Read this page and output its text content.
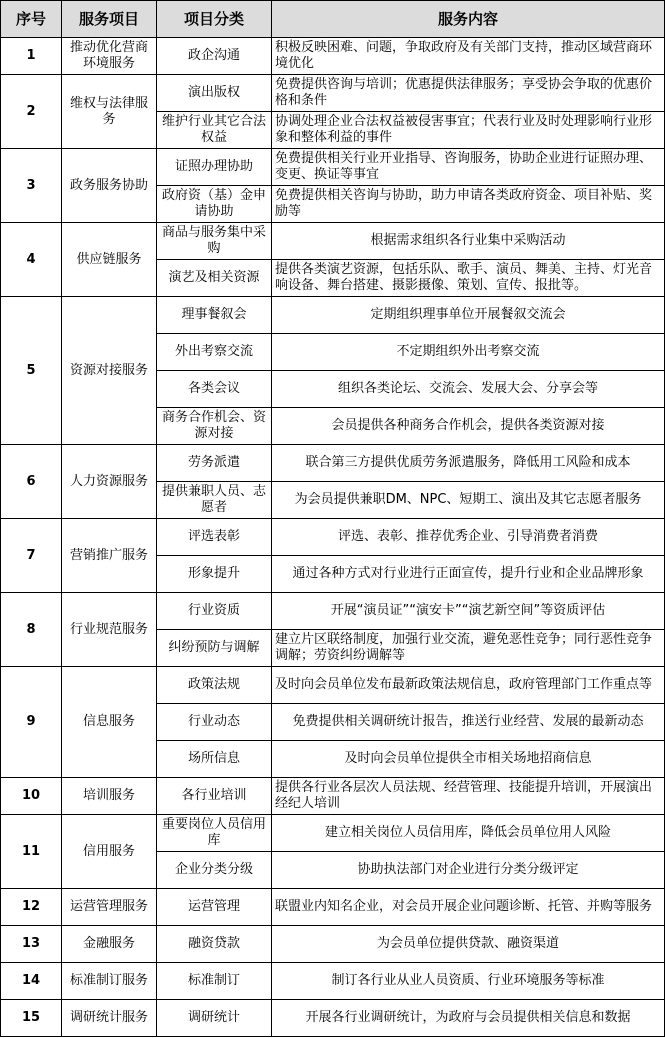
序号	服务项目	项目分类	服务内容
1	推动优化营商环境服务	政企沟通	积极反映困难、问题，争取政府及有关部门支持，推动区域营商环境优化
2	维权与法律服务	演出版权	免费提供咨询与培训；优惠提供法律服务；享受协会争取的优惠价格和条件
		维护行业其它合法权益	协调处理企业合法权益被侵害事宜；代表行业及时处理影响行业形象和整体利益的事件
3	政务服务协助	证照办理协助	免费提供相关行业开业指导、咨询服务，协助企业进行证照办理、变更、换证等事宜
		政府资（基）金申请协助	免费提供相关咨询与协助，助力申请各类政府资金、项目补贴、奖励等
4	供应链服务	商品与服务集中采购	根据需求组织各行业集中采购活动
		演艺及相关资源	提供各类演艺资源，包括乐队、歌手、演员、舞美、主持、灯光音响设备、舞台搭建、摄影摄像、策划、宣传、报批等。
5	资源对接服务	理事餐叙会	定期组织理事单位开展餐叙交流会
		外出考察交流	不定期组织外出考察交流
		各类会议	组织各类论坛、交流会、发展大会、分享会等
		商务合作机会、资源对接	会员提供各种商务合作机会，提供各类资源对接
6	人力资源服务	劳务派遣	联合第三方提供优质劳务派遣服务，降低用工风险和成本
		提供兼职人员、志愿者	为会员提供兼职DM、NPC、短期工、演出及其它志愿者服务
7	营销推广服务	评选表彰	评选、表彰、推荐优秀企业、引导消费者消费
		形象提升	通过各种方式对行业进行正面宣传，提升行业和企业品牌形象
8	行业规范服务	行业资质	开展“演员证”“演安卡”“演艺新空间”等资质评估
		纠纷预防与调解	建立片区联络制度，加强行业交流，避免恶性竞争；同行恶性竞争调解；劳资纠纷调解等
9	信息服务	政策法规	及时向会员单位发布最新政策法规信息，政府管理部门工作重点等
		行业动态	免费提供相关调研统计报告，推送行业经营、发展的最新动态
		场所信息	及时向会员单位提供全市相关场地招商信息
10	培训服务	各行业培训	提供各行业各层次人员法规、经营管理、技能提升培训，开展演出经纪人培训
11	信用服务	重要岗位人员信用库	建立相关岗位人员信用库，降低会员单位用人风险
		企业分类分级	协助执法部门对企业进行分类分级评定
12	运营管理服务	运营管理	联盟业内知名企业，对会员开展企业问题诊断、托管、并购等服务
13	金融服务	融资贷款	为会员单位提供贷款、融资渠道
14	标准制订服务	标准制订	制订各行业从业人员资质、行业环境服务等标准
15	调研统计服务	调研统计	开展各行业调研统计，为政府与会员提供相关信息和数据
